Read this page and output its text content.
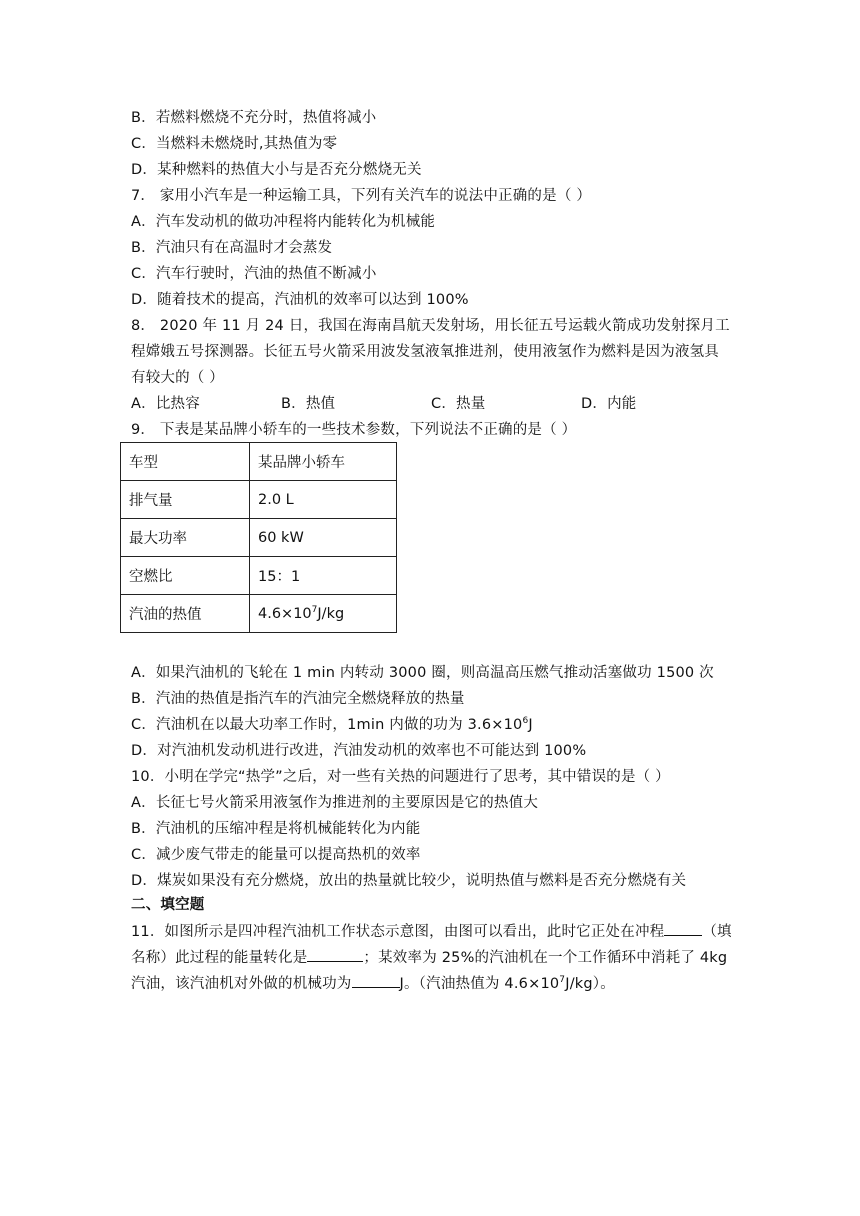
B．若燃料燃烧不充分时，热值将减小
C．当燃料未燃烧时,其热值为零
D．某种燃料的热值大小与是否充分燃烧无关
7． 家用小汽车是一种运输工具，下列有关汽车的说法中正确的是（ ）
A．汽车发动机的做功冲程将内能转化为机械能
B．汽油只有在高温时才会蒸发
C．汽车行驶时，汽油的热值不断减小
D．随着技术的提高，汽油机的效率可以达到 100%
8． 2020 年 11 月 24 日，我国在海南昌航天发射场，用长征五号运载火箭成功发射探月工
程嫦娥五号探测器。长征五号火箭采用波发氢液氧推进剂，使用液氢作为燃料是因为液氢具
有较大的（ ）
A．比热容	B．热值	C．热量	D．内能
9． 下表是某品牌小轿车的一些技术参数，下列说法不正确的是（ ）
车型	某品牌小轿车
排气量	2.0 L
最大功率	60 kW
空燃比	15：1
汽油的热值	$4.6\times 10^7J/kg$
A．如果汽油机的飞轮在 1 min 内转动 3000 圈，则高温高压燃气推动活塞做功 1500 次
B．汽油的热值是指汽车的汽油完全燃烧释放的热量
C．汽油机在以最大功率工作时，1min 内做的功为 $3.6\times 10^6J$
D．对汽油机发动机进行改进，汽油发动机的效率也不可能达到 100%
10．小明在学完“热学”之后，对一些有关热的问题进行了思考，其中错误的是（ ）
A．长征七号火箭采用液氢作为推进剂的主要原因是它的热值大
B．汽油机的压缩冲程是将机械能转化为内能
C．减少废气带走的能量可以提高热机的效率
D．煤炭如果没有充分燃烧，放出的热量就比较少，说明热值与燃料是否充分燃烧有关
二、填空题
11．如图所示是四冲程汽油机工作状态示意图，由图可以看出，此时它正处在冲程	（填
名称）此过程的能量转化是	；某效率为 25%的汽油机在一个工作循环中消耗了 4kg
汽油，该汽油机对外做的机械功为	J。（汽油热值为 $4.6\times 10^7J/kg$）。
